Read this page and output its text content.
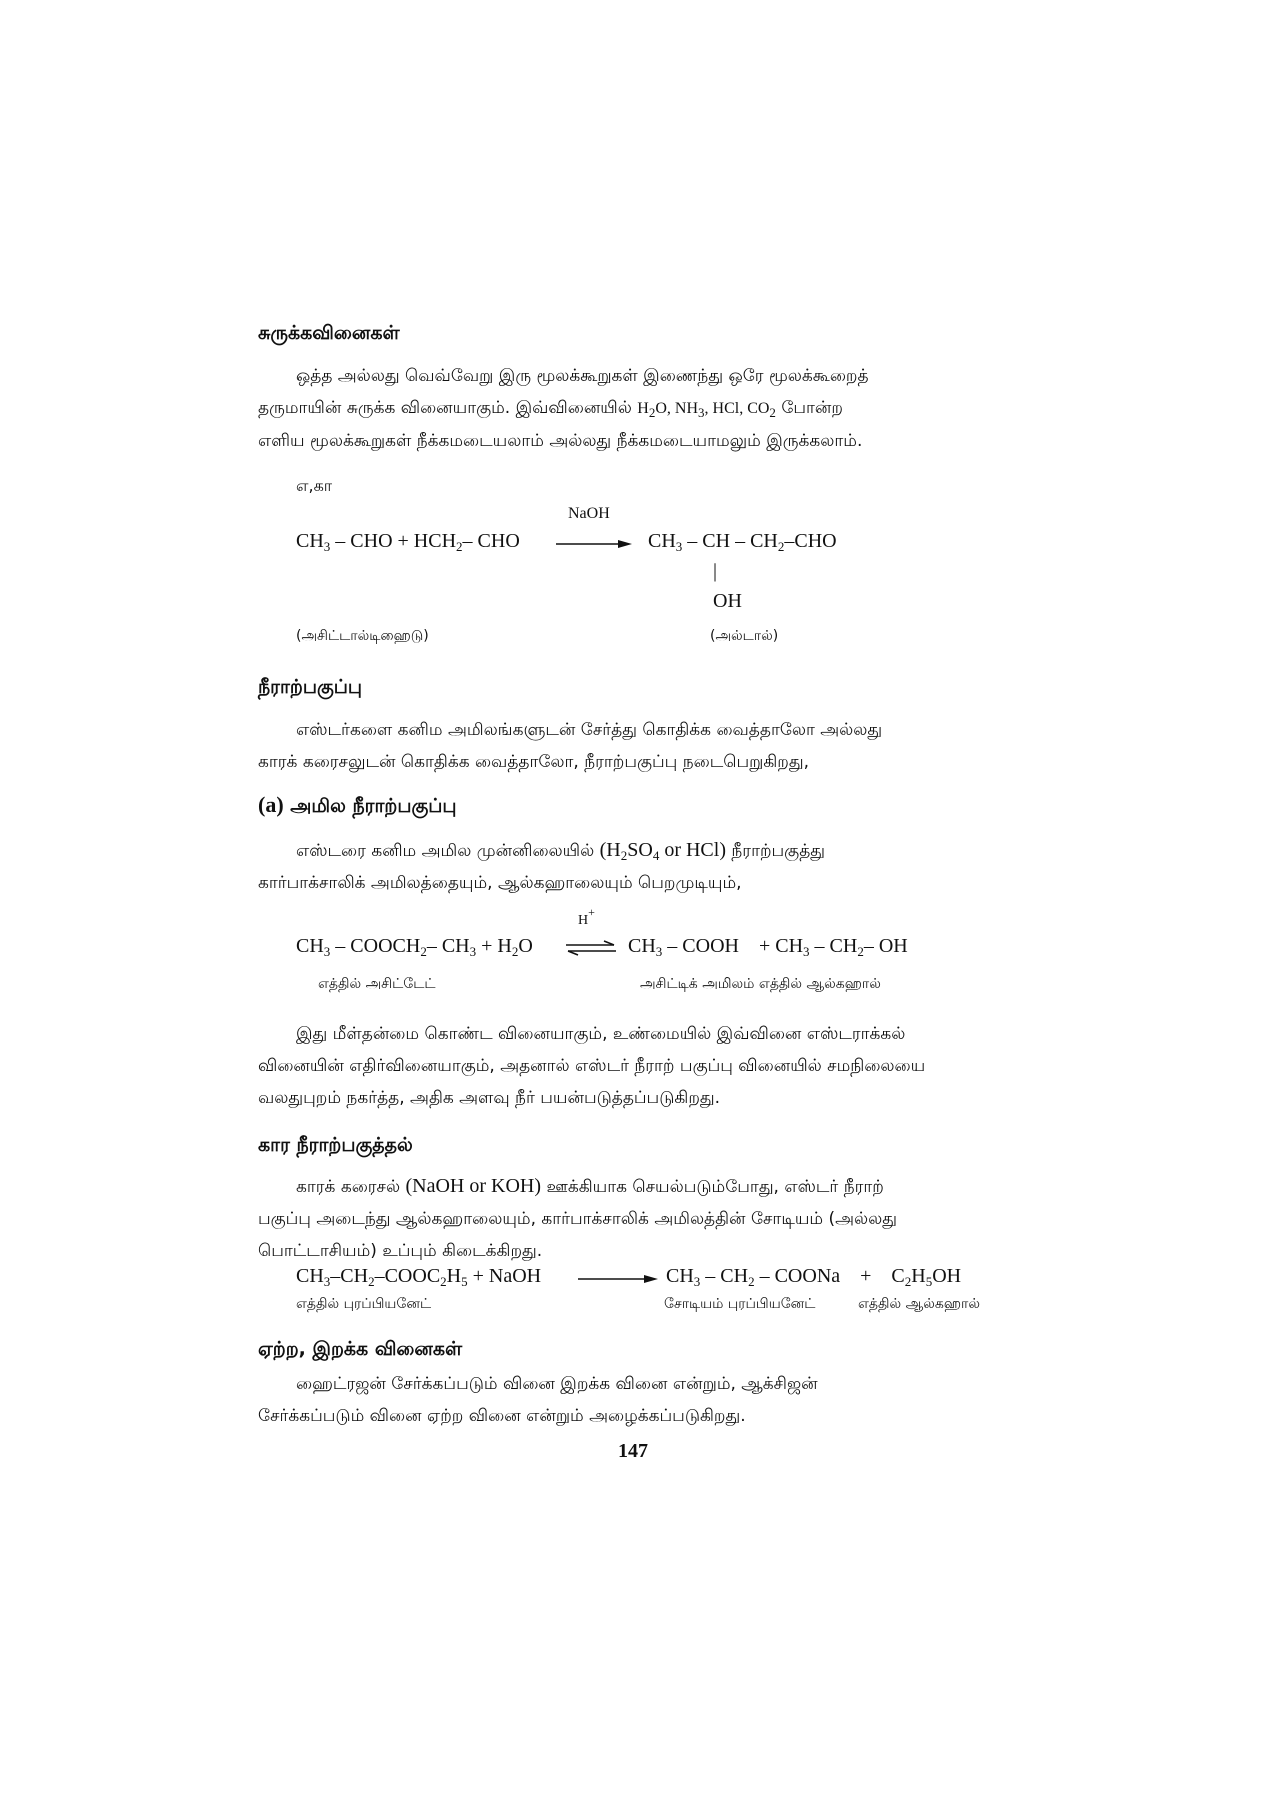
சுருக்கவினைகள்
ஒத்த அல்லது வெவ்வேறு இரு மூலக்கூறுகள் இணைந்து ஒரே மூலக்கூறைத்
தருமாயின் சுருக்க வினையாகும். இவ்வினையில் $H_2O$, $NH_3$, HCl, $CO_2$ போன்ற
எளிய மூலக்கூறுகள் நீக்கமடையலாம் அல்லது நீக்கமடையாமலும் இருக்கலாம்.
எ,கா
NaOH
$CH_3$ – CHO + $HCH_2-$ CHO	$CH_3$ – CH – $CH_2$–CHO
|
OH
(அசிட்டால்டிஹைடு)	(அல்டால்)
நீராற்பகுப்பு
எஸ்டர்களை கனிம அமிலங்களுடன் சேர்த்து கொதிக்க வைத்தாலோ அல்லது
காரக் கரைசலுடன் கொதிக்க வைத்தாலோ, நீராற்பகுப்பு நடைபெறுகிறது,
(a) அமில நீராற்பகுப்பு
எஸ்டரை கனிம அமில முன்னிலையில் ($H_2SO_4$ or HCl) நீராற்பகுத்து
கார்பாக்சாலிக் அமிலத்தையும், ஆல்கஹாலையும் பெறமுடியும்,
H+
$CH_3$ – $COOCH_2-$ $CH_3 + H_2O$	$CH_3$ – COOH    + $CH_3 - CH_2-$ OH
எத்தில் அசிட்டேட்	அசிட்டிக் அமிலம் எத்தில் ஆல்கஹால்
இது மீள்தன்மை கொண்ட வினையாகும், உண்மையில் இவ்வினை எஸ்டராக்கல்
வினையின் எதிர்வினையாகும், அதனால் எஸ்டர் நீராற் பகுப்பு வினையில் சமநிலையை
வலதுபுறம் நகர்த்த, அதிக அளவு நீர் பயன்படுத்தப்படுகிறது.
கார நீராற்பகுத்தல்
காரக் கரைசல் (NaOH or KOH) ஊக்கியாக செயல்படும்போது, எஸ்டர் நீராற்
பகுப்பு அடைந்து ஆல்கஹாலையும், கார்பாக்சாலிக் அமிலத்தின் சோடியம் (அல்லது
பொட்டாசியம்) உப்பும் கிடைக்கிறது.
$CH_3-CH_2-COOC_2H_5$ + NaOH	$CH_3 - CH_2$ – COONa    +    $C_2H_5OH$
எத்தில் புரப்பியனேட்	சோடியம் புரப்பியனேட்	எத்தில் ஆல்கஹால்
ஏற்ற, இறக்க வினைகள்
ஹைட்ரஜன் சேர்க்கப்படும் வினை இறக்க வினை என்றும், ஆக்சிஜன்
சேர்க்கப்படும் வினை ஏற்ற வினை என்றும் அழைக்கப்படுகிறது.
147
